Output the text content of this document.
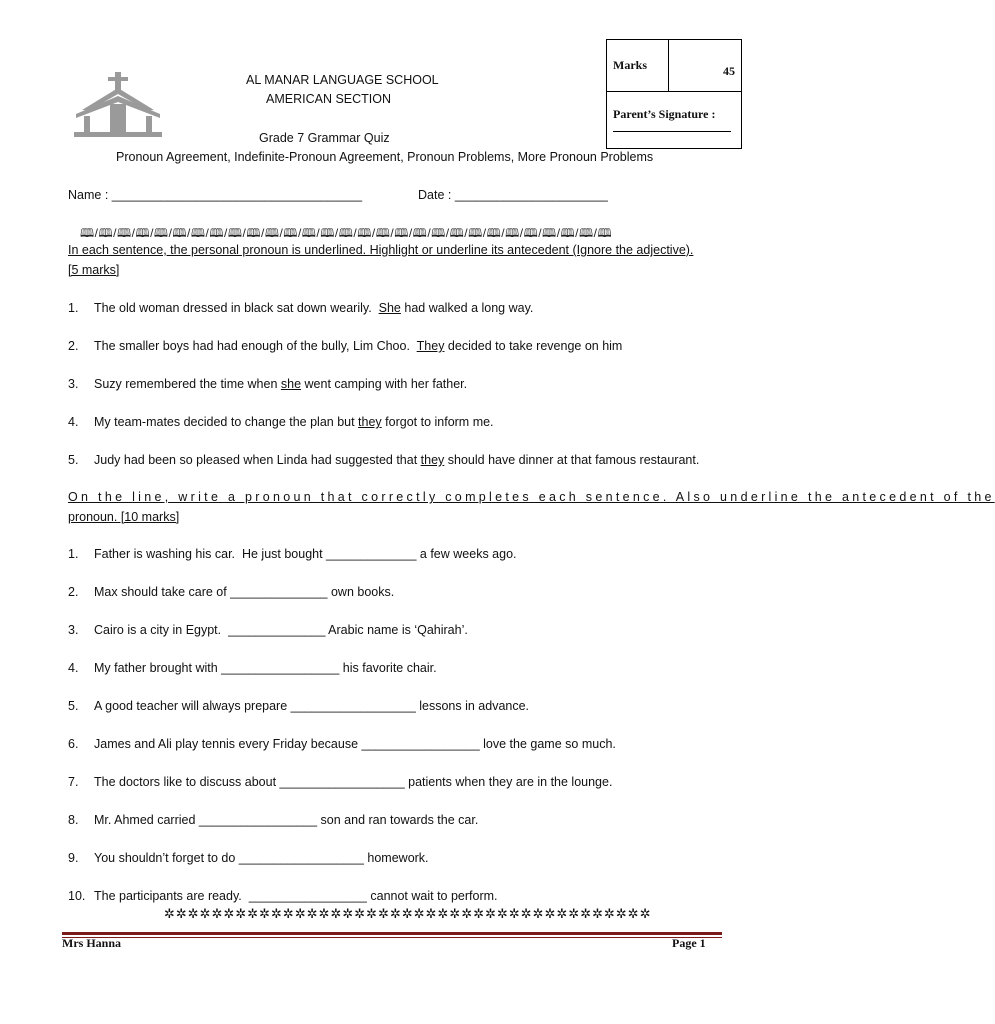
Marks	45
Parent’s Signature :
AL MANAR LANGUAGE SCHOOL
AMERICAN SECTION
Grade 7 Grammar Quiz
Pronoun Agreement, Indefinite-Pronoun Agreement, Pronoun Problems, More Pronoun Problems
Name : ____________________________________	Date : ______________________
🕮/🕮/🕮/🕮/🕮/🕮/🕮/🕮/🕮/🕮/🕮/🕮/🕮/🕮/🕮/🕮/🕮/🕮/🕮/🕮/🕮/🕮/🕮/🕮/🕮/🕮/🕮/🕮/🕮
In each sentence, the personal pronoun is underlined. Highlight or underline its antecedent (Ignore the adjective).
[5 marks]
1. The old woman dressed in black sat down wearily.  She had walked a long way.
2. The smaller boys had had enough of the bully, Lim Choo.  They decided to take revenge on him
3. Suzy remembered the time when she went camping with her father.
4. My team-mates decided to change the plan but they forgot to inform me.
5. Judy had been so pleased when Linda had suggested that they should have dinner at that famous restaurant.
On the line, write a pronoun that correctly completes each sentence. Also underline the antecedent of the
pronoun. [10 marks]
1. Father is washing his car.  He just bought _____________ a few weeks ago.
2. Max should take care of ______________ own books.
3. Cairo is a city in Egypt.  ______________ Arabic name is ‘Qahirah’.
4. My father brought with _________________ his favorite chair.
5. A good teacher will always prepare __________________ lessons in advance.
6. James and Ali play tennis every Friday because _________________ love the game so much.
7. The doctors like to discuss about __________________ patients when they are in the lounge.
8. Mr. Ahmed carried _________________ son and ran towards the car.
9. You shouldn’t forget to do __________________ homework.
10. The participants are ready.  _________________ cannot wait to perform.
✲✲✲✲✲✲✲✲✲✲✲✲✲✲✲✲✲✲✲✲✲✲✲✲✲✲✲✲✲✲✲✲✲✲✲✲✲✲✲✲✲
Mrs Hanna	Page 1
